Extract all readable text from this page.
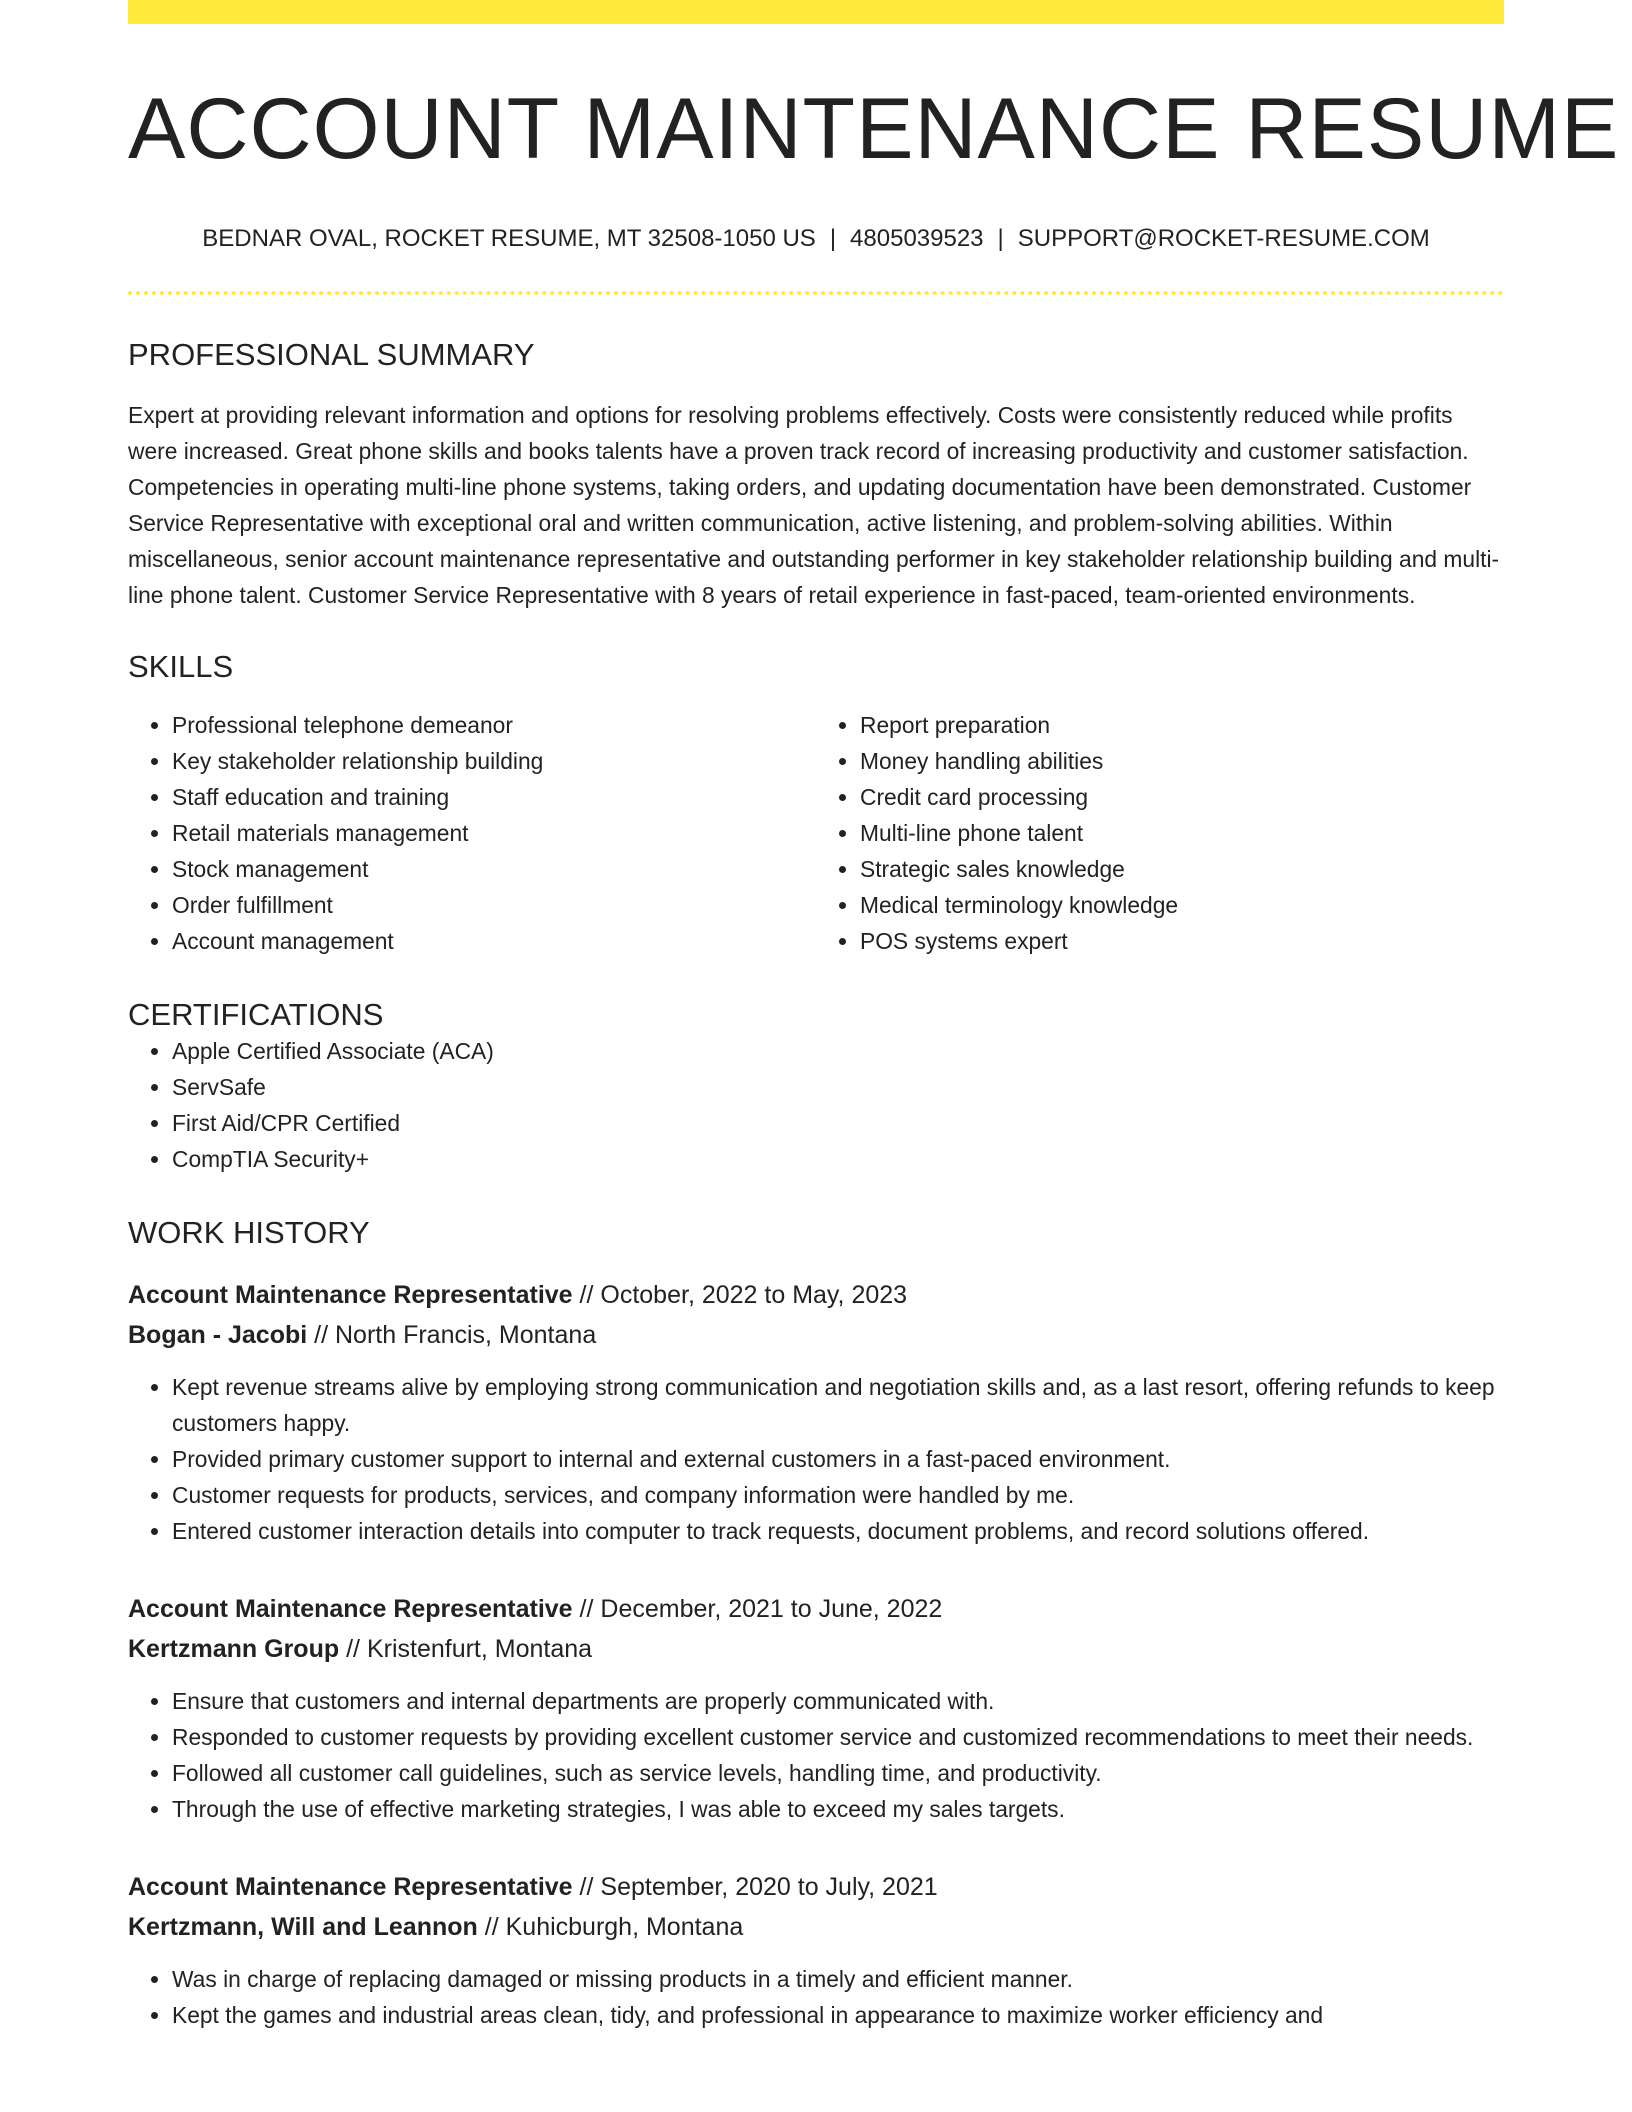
ACCOUNT MAINTENANCE RESUME
BEDNAR OVAL, ROCKET RESUME, MT 32508-1050 US | 4805039523 | SUPPORT@ROCKET-RESUME.COM
PROFESSIONAL SUMMARY

Expert at providing relevant information and options for resolving problems effectively. Costs were consistently reduced while profits were increased. Great phone skills and books talents have a proven track record of increasing productivity and customer satisfaction. Competencies in operating multi-line phone systems, taking orders, and updating documentation have been demonstrated. Customer Service Representative with exceptional oral and written communication, active listening, and problem-solving abilities. Within miscellaneous, senior account maintenance representative and outstanding performer in key stakeholder relationship building and multi-line phone talent. Customer Service Representative with 8 years of retail experience in fast-paced, team-oriented environments.

SKILLS
• Professional telephone demeanor
• Key stakeholder relationship building
• Staff education and training
• Retail materials management
• Stock management
• Order fulfillment
• Account management
• Report preparation
• Money handling abilities
• Credit card processing
• Multi-line phone talent
• Strategic sales knowledge
• Medical terminology knowledge
• POS systems expert
CERTIFICATIONS
• Apple Certified Associate (ACA)
• ServSafe
• First Aid/CPR Certified
• CompTIA Security+
WORK HISTORY
Account Maintenance Representative // October, 2022 to May, 2023
Bogan - Jacobi // North Francis, Montana
• Kept revenue streams alive by employing strong communication and negotiation skills and, as a last resort, offering refunds to keep customers happy.
• Provided primary customer support to internal and external customers in a fast-paced environment.
• Customer requests for products, services, and company information were handled by me.
• Entered customer interaction details into computer to track requests, document problems, and record solutions offered.
Account Maintenance Representative // December, 2021 to June, 2022
Kertzmann Group // Kristenfurt, Montana
• Ensure that customers and internal departments are properly communicated with.
• Responded to customer requests by providing excellent customer service and customized recommendations to meet their needs.
• Followed all customer call guidelines, such as service levels, handling time, and productivity.
• Through the use of effective marketing strategies, I was able to exceed my sales targets.
Account Maintenance Representative // September, 2020 to July, 2021
Kertzmann, Will and Leannon // Kuhicburgh, Montana
• Was in charge of replacing damaged or missing products in a timely and efficient manner.
• Kept the games and industrial areas clean, tidy, and professional in appearance to maximize worker efficiency and
